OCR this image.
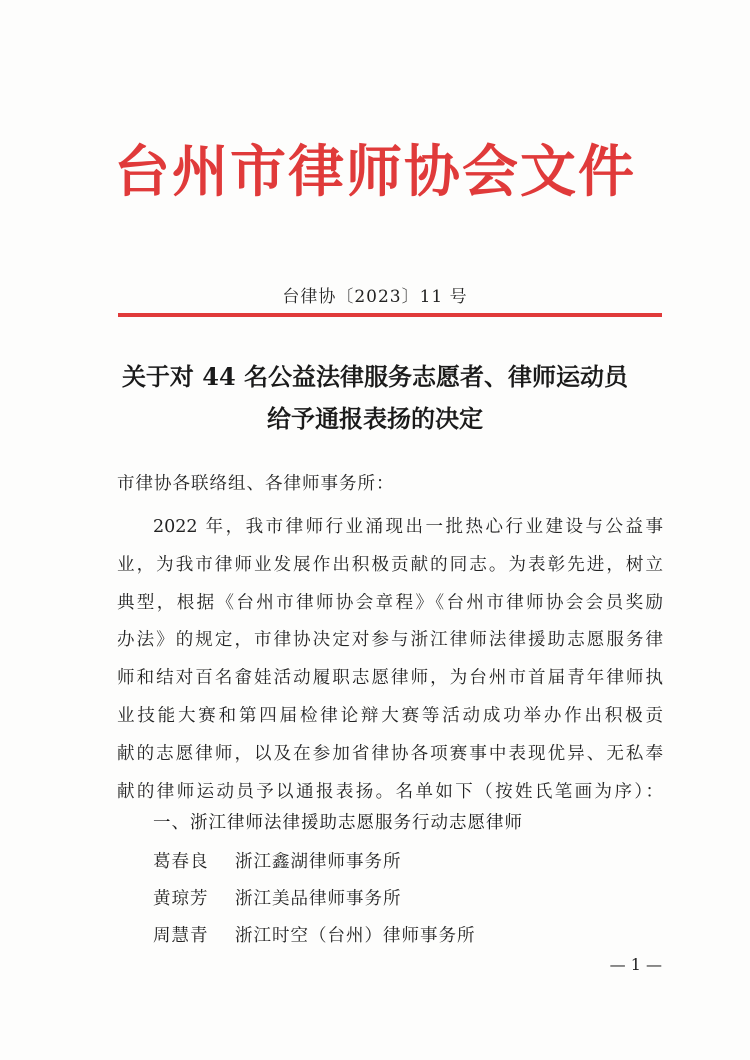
台州市律师协会文件
台律协〔2023〕11 号
关于对 44 名公益法律服务志愿者、律师运动员
给予通报表扬的决定
市律协各联络组、各律师事务所：
2022 年，我市律师行业涌现出一批热心行业建设与公益事
业，为我市律师业发展作出积极贡献的同志。为表彰先进，树立
典型，根据《台州市律师协会章程》《台州市律师协会会员奖励
办法》的规定，市律协决定对参与浙江律师法律援助志愿服务律
师和结对百名畲娃活动履职志愿律师，为台州市首届青年律师执
业技能大赛和第四届检律论辩大赛等活动成功举办作出积极贡
献的志愿律师，以及在参加省律协各项赛事中表现优异、无私奉
献的律师运动员予以通报表扬。名单如下（按姓氏笔画为序）：
一、浙江律师法律援助志愿服务行动志愿律师
葛春良	浙江鑫湖律师事务所
黄琼芳	浙江美品律师事务所
周慧青	浙江时空（台州）律师事务所
— 1 —
